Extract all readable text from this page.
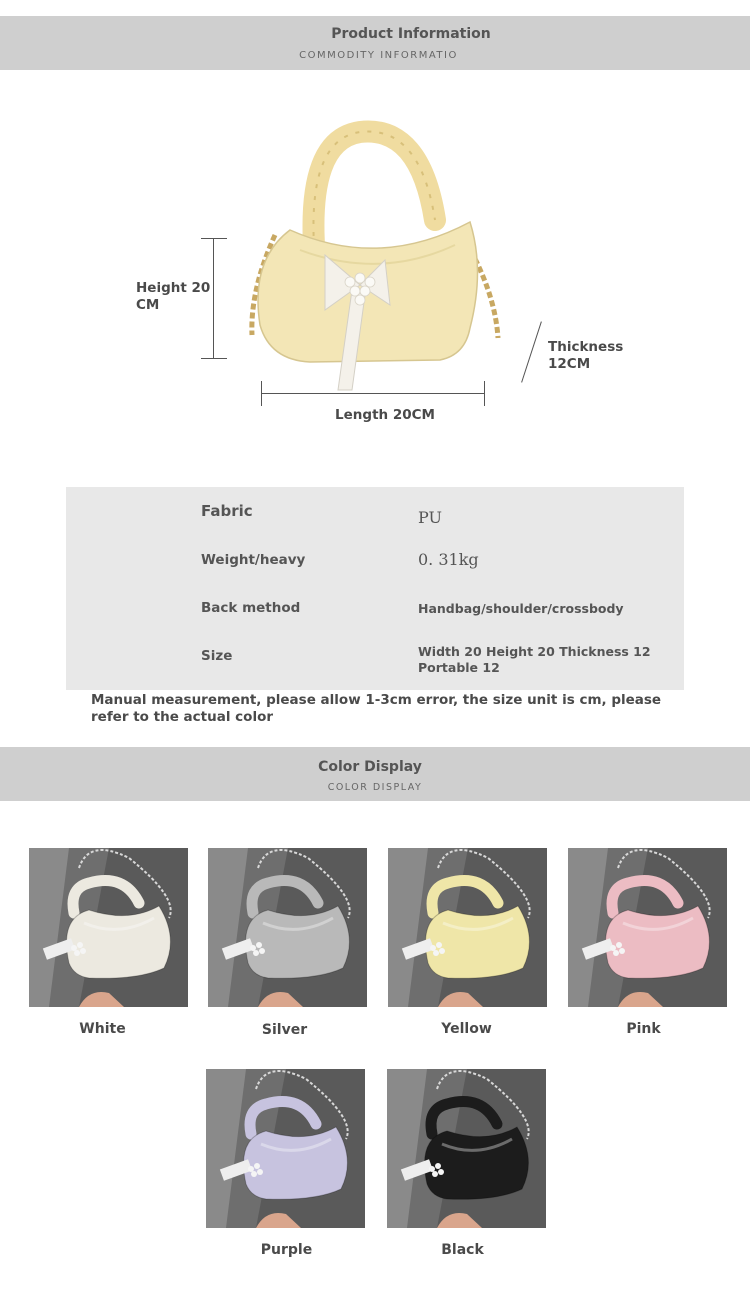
Product Information
COMMODITY INFORMATIO
Height 20
CM
Thickness
12CM
Length 20CM
Fabric	PU
Weight/heavy	0. 31kg
Back method	Handbag/shoulder/crossbody
Size	Width 20 Height 20 Thickness 12 Portable 12
Manual measurement, please allow 1-3cm error, the size unit is cm, please refer to the actual color
Color Display
COLOR DISPLAY
White	Silver	Yellow	Pink
Purple	Black
